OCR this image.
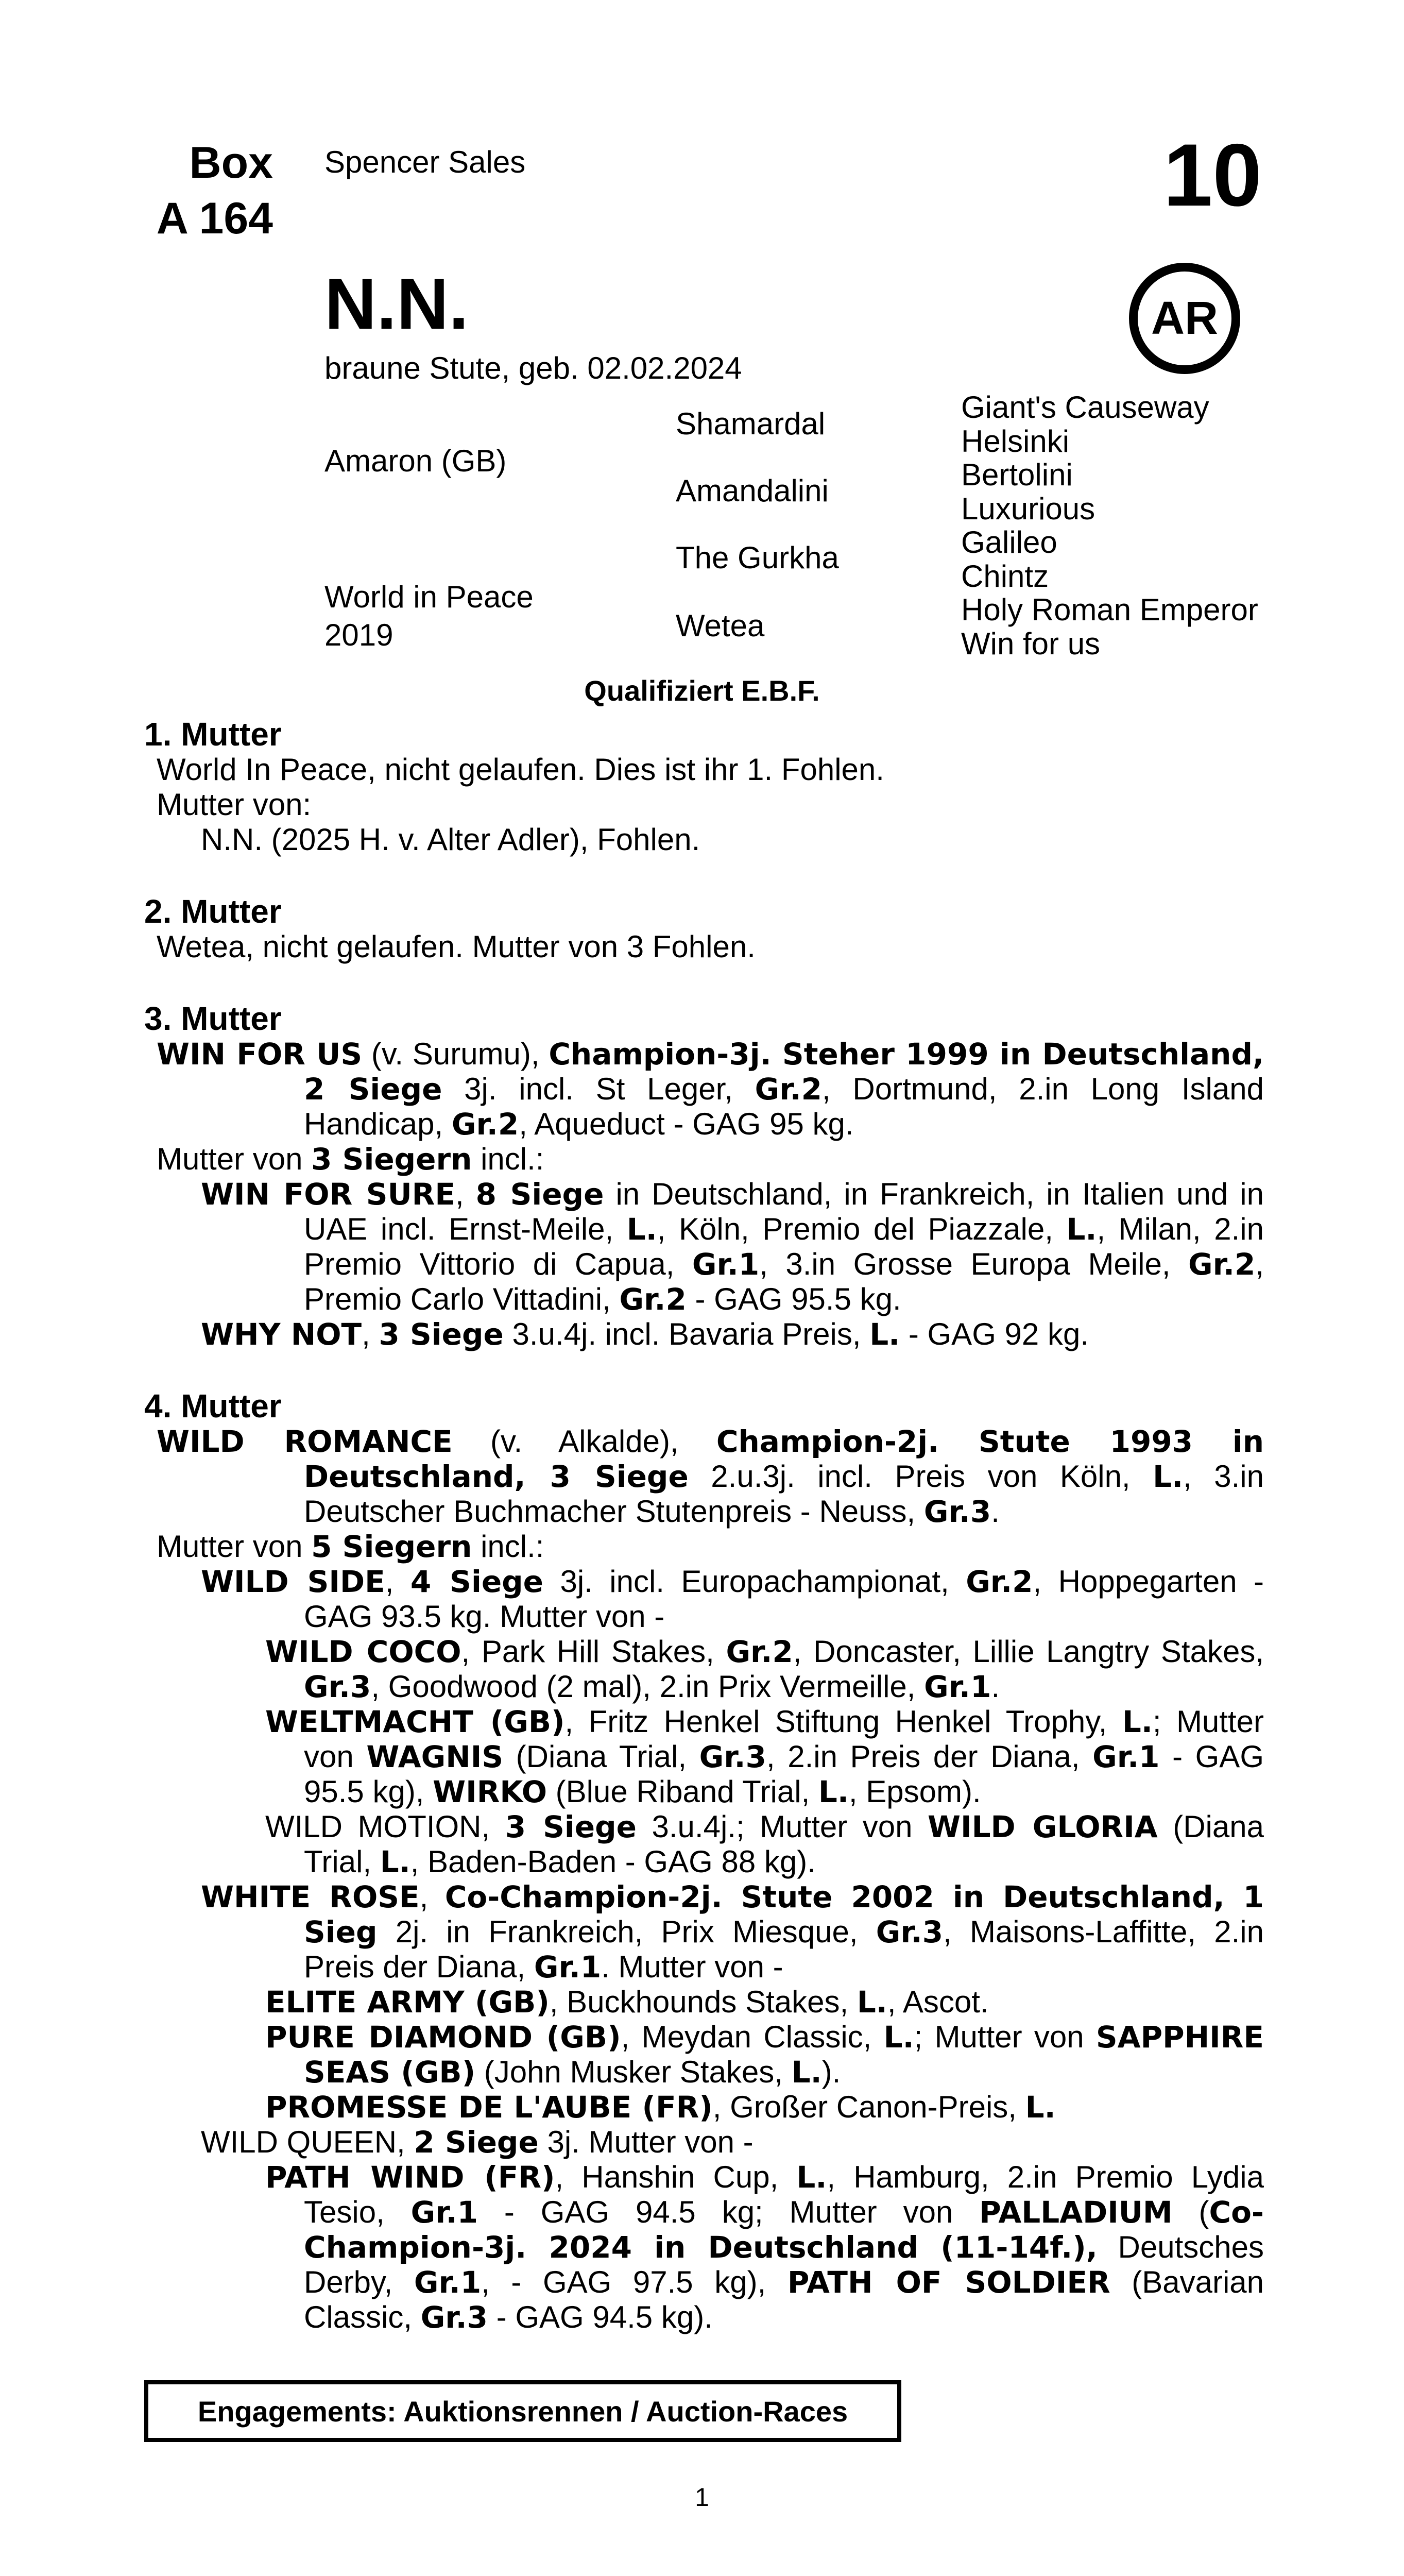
Box
A 164
Spencer Sales	10
AR
N.N.
braune Stute, geb. 02.02.2024
Amaron (GB)
World in Peace
2019
Shamardal
Amandalini
The Gurkha
Wetea
Giant's Causeway
Helsinki
Bertolini
Luxurious
Galileo
Chintz
Holy Roman Emperor
Win for us
Qualifiziert E.B.F.
1. Mutter
World In Peace, nicht gelaufen. Dies ist ihr 1. Fohlen.
Mutter von:
N.N. (2025 H. v. Alter Adler), Fohlen.
2. Mutter
Wetea, nicht gelaufen. Mutter von 3 Fohlen.
3. Mutter
WIN FOR US (v. Surumu), Champion-3j. Steher 1999 in Deutschland, 2 Siege 3j. incl. St Leger, Gr.2, Dortmund, 2.in Long Island Handicap, Gr.2, Aqueduct - GAG 95 kg.
Mutter von 3 Siegern incl.:
WIN FOR SURE, 8 Siege in Deutschland, in Frankreich, in Italien und in UAE incl. Ernst-Meile, L., Köln, Premio del Piazzale, L., Milan, 2.in Premio Vittorio di Capua, Gr.1, 3.in Grosse Europa Meile, Gr.2, Premio Carlo Vittadini, Gr.2 - GAG 95.5 kg.
WHY NOT, 3 Siege 3.u.4j. incl. Bavaria Preis, L. - GAG 92 kg.
4. Mutter
WILD ROMANCE (v. Alkalde), Champion-2j. Stute 1993 in Deutschland, 3 Siege 2.u.3j. incl. Preis von Köln, L., 3.in Deutscher Buchmacher Stutenpreis - Neuss, Gr.3.
Mutter von 5 Siegern incl.:
WILD SIDE, 4 Siege 3j. incl. Europachampionat, Gr.2, Hoppegarten - GAG 93.5 kg. Mutter von -
WILD COCO, Park Hill Stakes, Gr.2, Doncaster, Lillie Langtry Stakes, Gr.3, Goodwood (2 mal), 2.in Prix Vermeille, Gr.1.
WELTMACHT (GB), Fritz Henkel Stiftung Henkel Trophy, L.; Mutter von WAGNIS (Diana Trial, Gr.3, 2.in Preis der Diana, Gr.1 - GAG 95.5 kg), WIRKO (Blue Riband Trial, L., Epsom).
WILD MOTION, 3 Siege 3.u.4j.; Mutter von WILD GLORIA (Diana Trial, L., Baden-Baden - GAG 88 kg).
WHITE ROSE, Co-Champion-2j. Stute 2002 in Deutschland, 1 Sieg 2j. in Frankreich, Prix Miesque, Gr.3, Maisons-Laffitte, 2.in Preis der Diana, Gr.1. Mutter von -
ELITE ARMY (GB), Buckhounds Stakes, L., Ascot.
PURE DIAMOND (GB), Meydan Classic, L.; Mutter von SAPPHIRE SEAS (GB) (John Musker Stakes, L.).
PROMESSE DE L'AUBE (FR), Großer Canon-Preis, L.
WILD QUEEN, 2 Siege 3j. Mutter von -
PATH WIND (FR), Hanshin Cup, L., Hamburg, 2.in Premio Lydia Tesio, Gr.1 - GAG 94.5 kg; Mutter von PALLADIUM (Co-Champion-3j. 2024 in Deutschland (11-14f.), Deutsches Derby, Gr.1, - GAG 97.5 kg), PATH OF SOLDIER (Bavarian Classic, Gr.3 - GAG 94.5 kg).
Engagements: Auktionsrennen / Auction-Races
1
